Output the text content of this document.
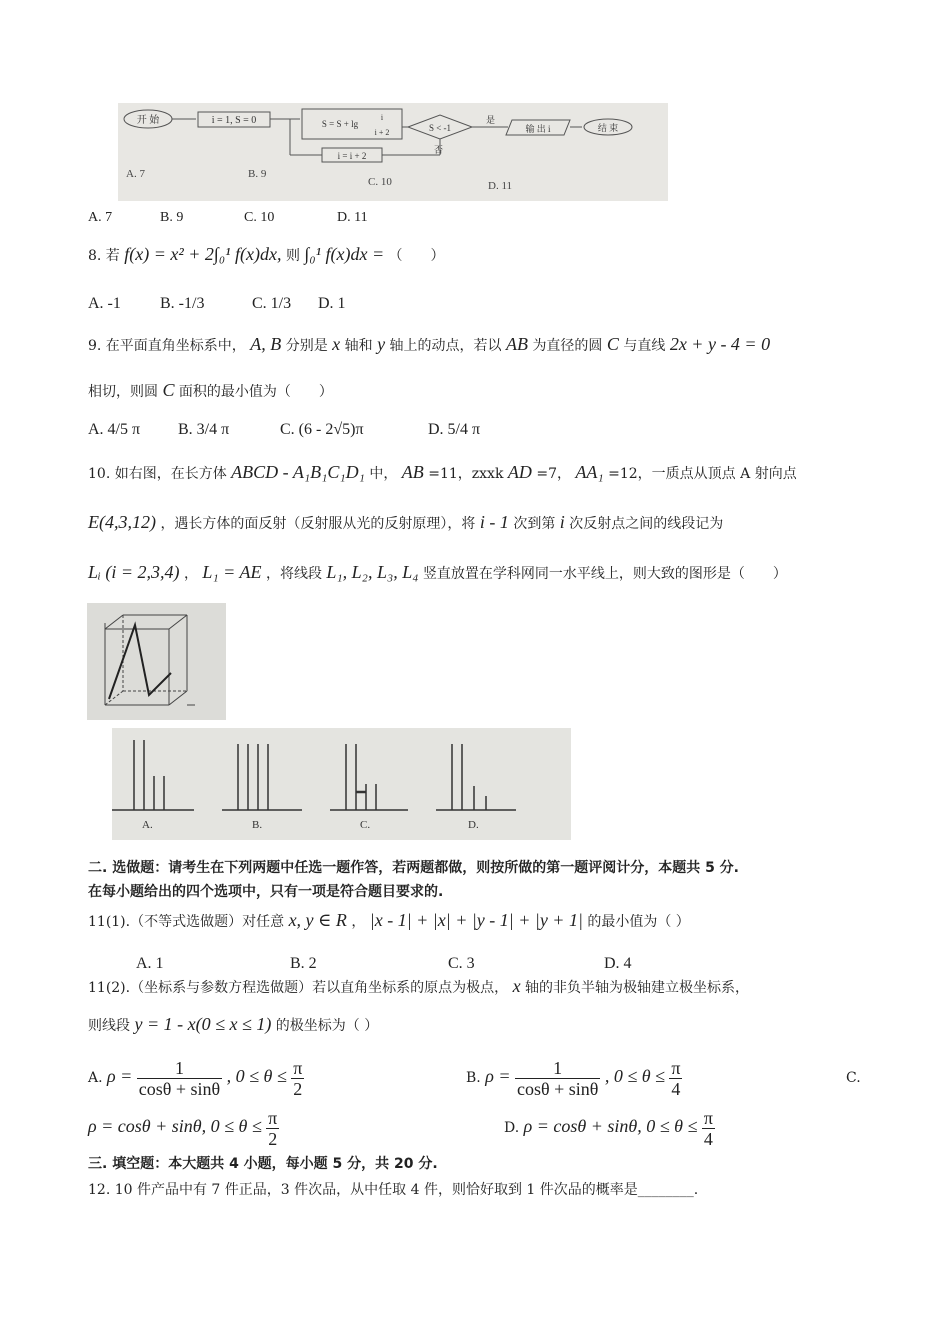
开 始	i = 1, S = 0	S = S + lg
i
i + 2	S < -1
是
输 出 i	结 束
否
i = i + 2
A. 7	B. 9
C. 10	D. 11
A. 7	B. 9	C. 10	D. 11
8. 若 f(x) = x² + 2∫₀¹ f(x)dx, 则 ∫₀¹ f(x)dx = （　　）
A. -1 B. -1/3	C. 1/3 D. 1
9. 在平面直角坐标系中， A, B 分别是 x 轴和 y 轴上的动点，若以 AB 为直径的圆 C 与直线 2x + y - 4 = 0
相切，则圆 C 面积的最小值为（　　）
A. 4/5 π B. 3/4 π	C. (6 - 2√5)π	D. 5/4 π
10. 如右图，在长方体 ABCD - A₁B₁C₁D₁ 中， AB =11，zxxk AD =7， AA₁ =12，一质点从顶点 A 射向点
E(4,3,12) ，遇长方体的面反射（反射服从光的反射原理），将 i - 1 次到第 i 次反射点之间的线段记为
Lᵢ (i = 2,3,4) ， L₁ = AE ，将线段 L₁, L₂, L₃, L₄ 竖直放置在学科网同一水平线上，则大致的图形是（　　）
A.	B.	C.	D.
二. 选做题：请考生在下列两题中任选一题作答，若两题都做，则按所做的第一题评阅计分，本题共 5 分.
在每小题给出的四个选项中，只有一项是符合题目要求的.
11(1).（不等式选做题）对任意 x, y ∈ R ， |x - 1| + |x| + |y - 1| + |y + 1| 的最小值为（ ）
A. 1	B. 2	C. 3	D. 4
11(2).（坐标系与参数方程选做题）若以直角坐标系的原点为极点， x 轴的非负半轴为极轴建立极坐标系，
则线段 y = 1 - x(0 ≤ x ≤ 1) 的极坐标为（ ）
A. $\rho = \frac{1}{\cos\theta + \sin\theta}$ , $0 \le \theta \le \frac{\pi}{2}$	B. $\rho = \frac{1}{\cos\theta + \sin\theta}$ , $0 \le \theta \le \frac{\pi}{4}$	C.
ρ = cosθ + sinθ, $0 \le \theta \le \frac{\pi}{2}$	D. ρ = cosθ + sinθ, $0 \le \theta \le \frac{\pi}{4}$
三. 填空题：本大题共 4 小题，每小题 5 分，共 20 分.
12. 10 件产品中有 7 件正品，3 件次品，从中任取 4 件，则恰好取到 1 件次品的概率是________.
